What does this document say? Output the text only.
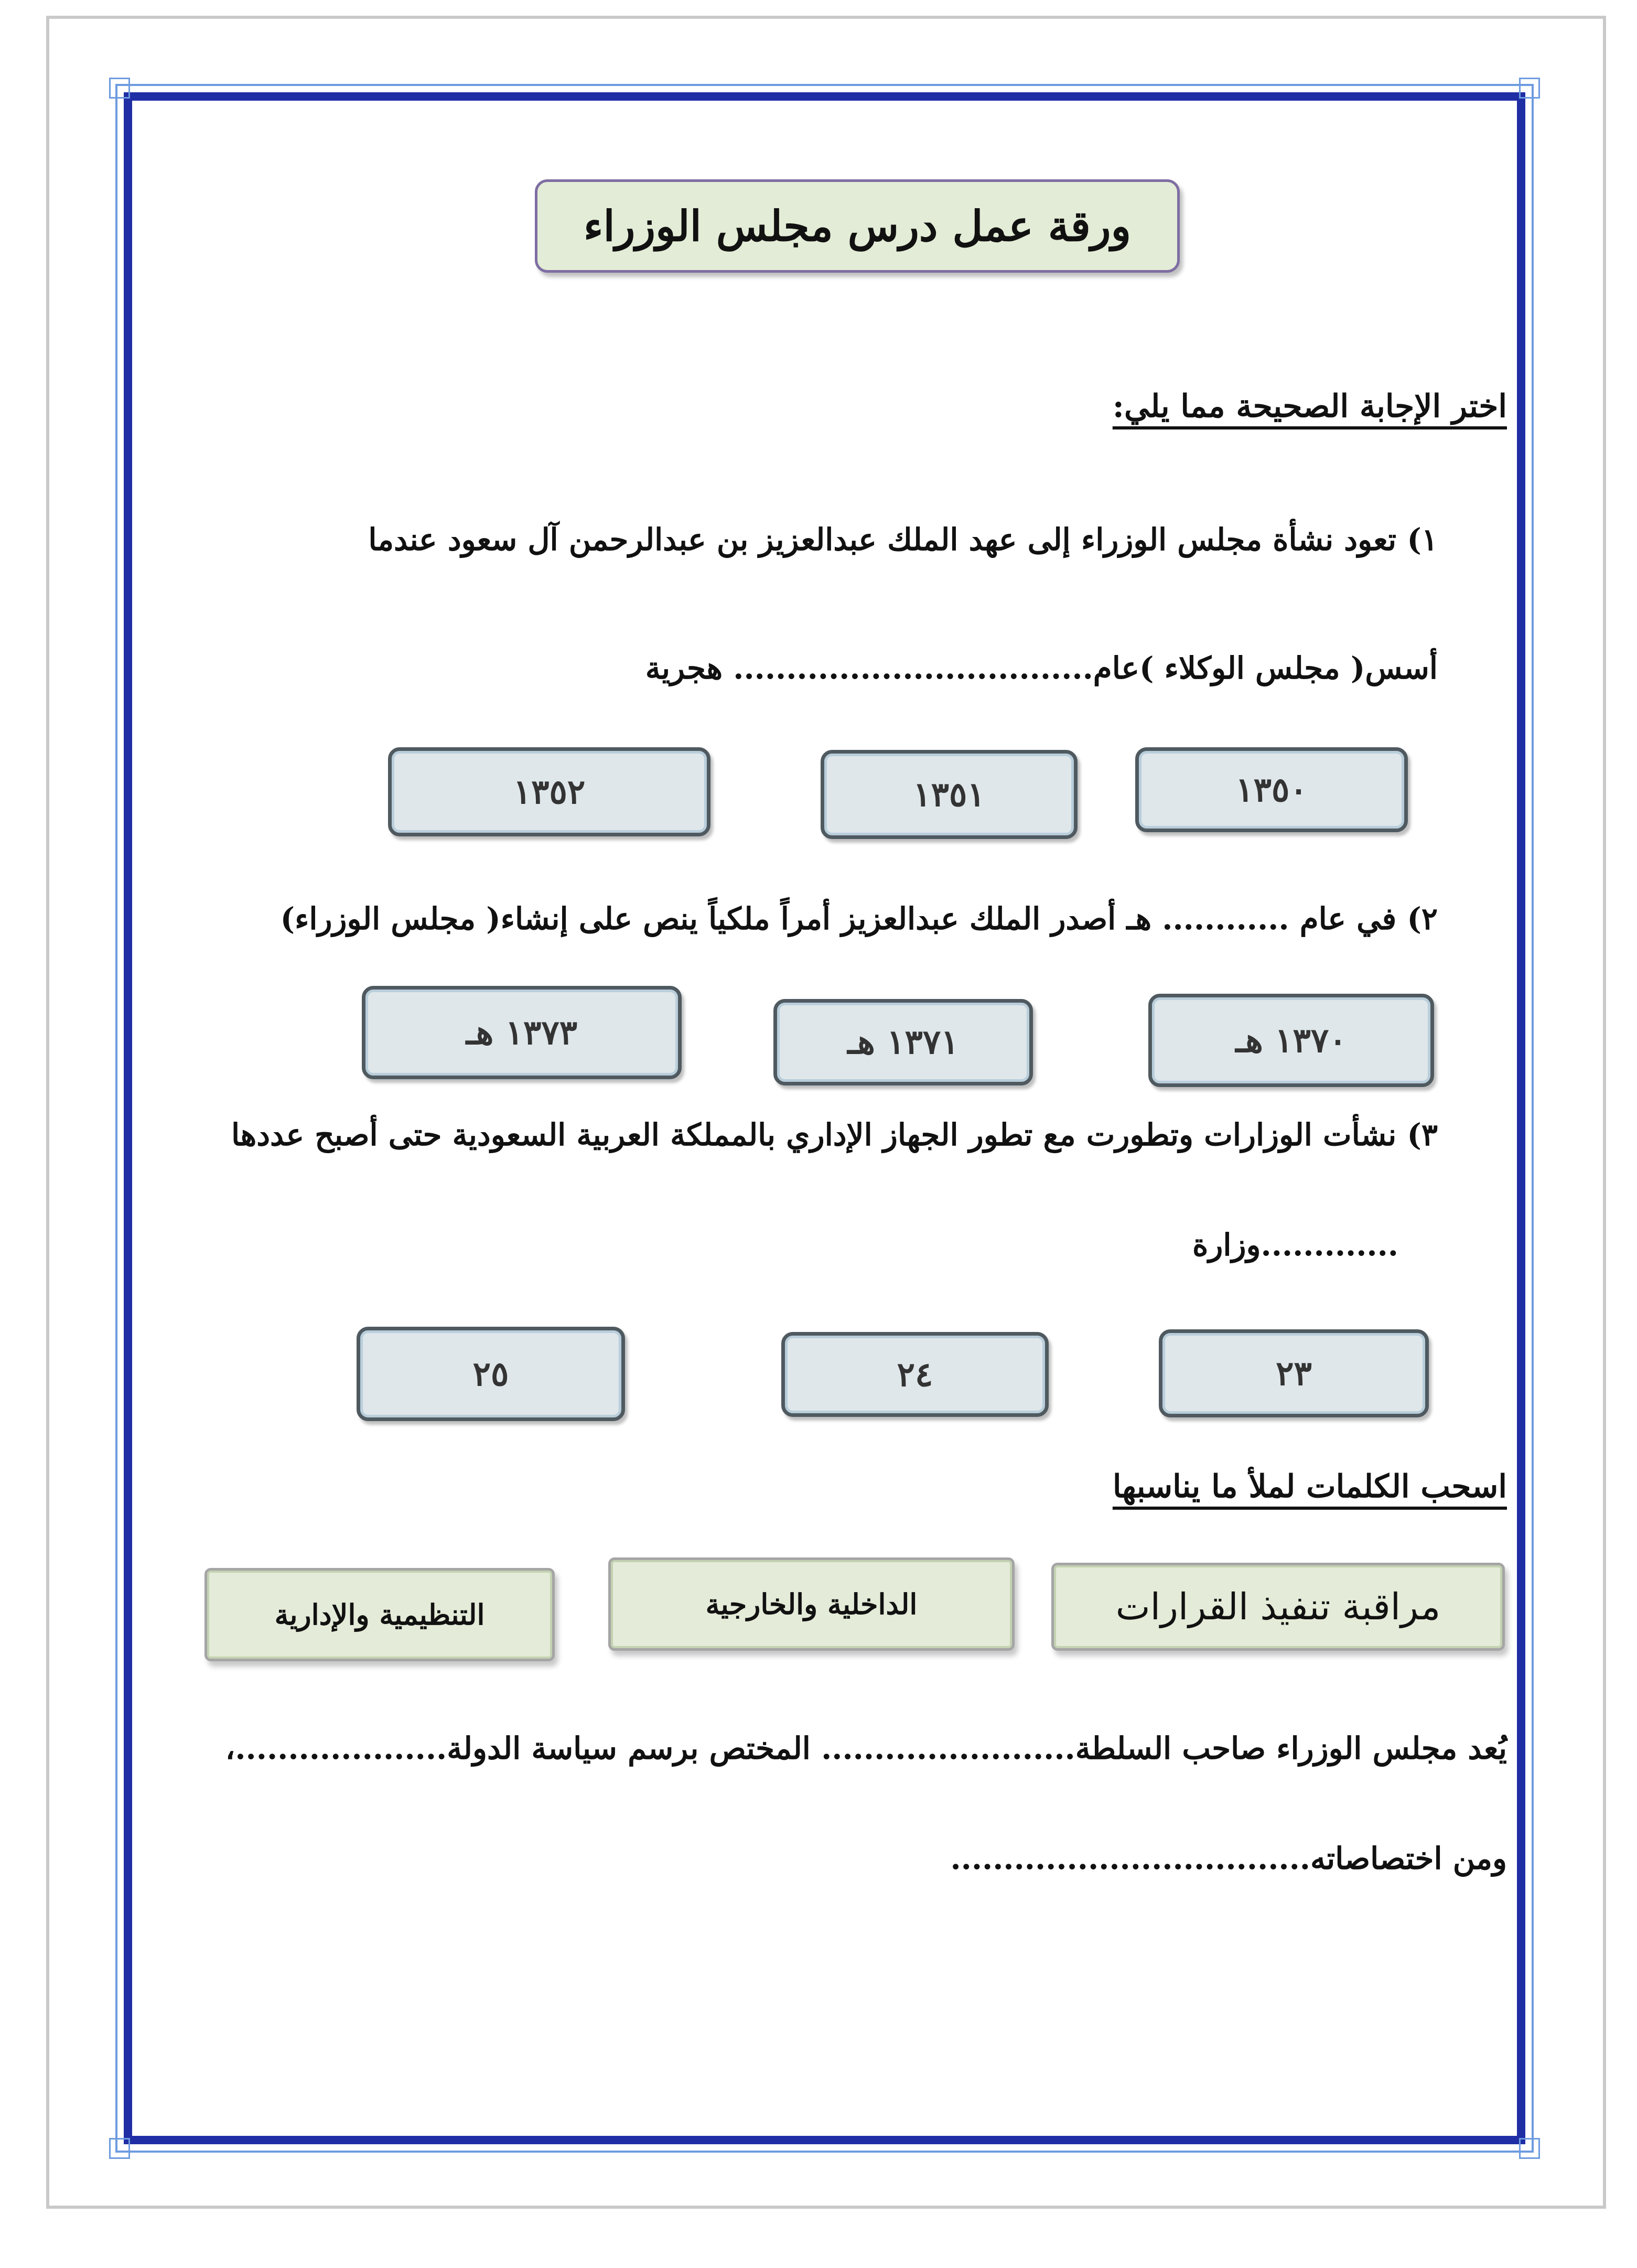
ورقة عمل درس مجلس الوزراء
اختر الإجابة الصحيحة مما يلي:
١) تعود نشأة مجلس الوزراء إلى عهد الملك عبدالعزيز بن عبدالرحمن آل سعود عندما
أسس( مجلس الوكلاء )عام.................................. هجرية
١٣٥٠
١٣٥١
١٣٥٢
٢) في عام ............ هـ أصدر الملك عبدالعزيز أمراً ملكياً ينص على إنشاء( مجلس الوزراء)
١٣٧٠ هـ
١٣٧١ هـ
١٣٧٣ هـ
٣) نشأت الوزارات وتطورت مع تطور الجهاز الإداري بالمملكة العربية السعودية حتى أصبح عددها
.............وزارة
٢٣
٢٤
٢٥
اسحب الكلمات لملأ ما يناسبها
مراقبة تنفيذ القرارات
الداخلية والخارجية
التنظيمية والإدارية
يُعد مجلس الوزراء صاحب السلطة........................ المختص برسم سياسة الدولة....................،
ومن اختصاصاته..................................
